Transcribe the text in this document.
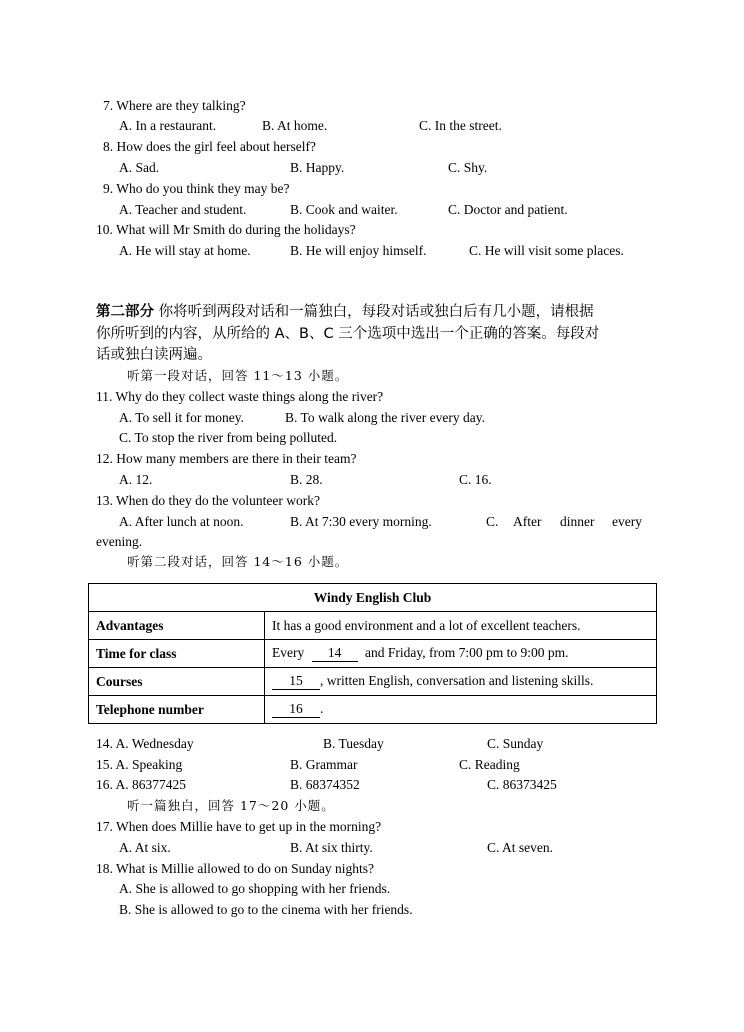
7. Where are they talking?
A. In a restaurant.	B. At home.	C. In the street.
8. How does the girl feel about herself?
A. Sad.	B. Happy.	C. Shy.
9. Who do you think they may be?
A. Teacher and student.	B. Cook and waiter.	C. Doctor and patient.
10. What will Mr Smith do during the holidays?
A. He will stay at home.	B. He will enjoy himself.	C. He will visit some places.
第二部分 你将听到两段对话和一篇独白，每段对话或独白后有几小题，请根据
你所听到的内容，从所给的 A、B、C 三个选项中选出一个正确的答案。每段对
话或独白读两遍。
听第一段对话，回答 11～13 小题。
11. Why do they collect waste things along the river?
A. To sell it for money.	B. To walk along the river every day.
C. To stop the river from being polluted.
12. How many members are there in their team?
A. 12.	B. 28.	C. 16.
13. When do they do the volunteer work?
A. After lunch at noon.	B. At 7:30 every morning.	C. After dinner every
evening.
听第二段对话，回答 14～16 小题。
Windy English Club	
Advantages	It has a good environment and a lot of excellent teachers.
Time for class	Every 14 and Friday, from 7:00 pm to 9:00 pm.
Courses	15 , written English, conversation and listening skills.
Telephone number	16 .
14. A. Wednesday	B. Tuesday	C. Sunday
15. A. Speaking	B. Grammar	C. Reading
16. A. 86377425	B. 68374352	C. 86373425
听一篇独白，回答 17～20 小题。
17. When does Millie have to get up in the morning?
A. At six.	B. At six thirty.	C. At seven.
18. What is Millie allowed to do on Sunday nights?
A. She is allowed to go shopping with her friends.
B. She is allowed to go to the cinema with her friends.
